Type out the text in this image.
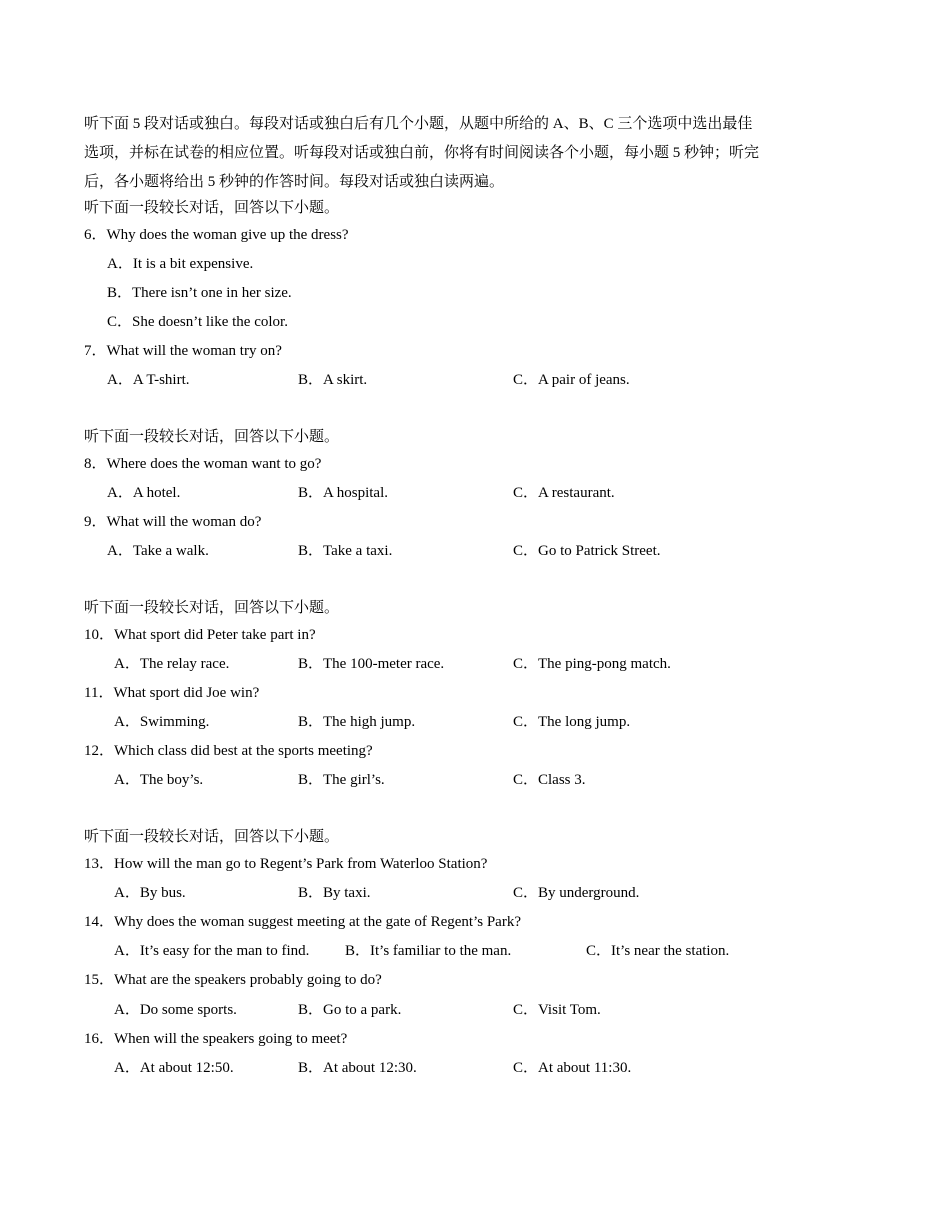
听下面 5 段对话或独白。每段对话或独白后有几个小题，从题中所给的 A、B、C 三个选项中选出最佳
选项，并标在试卷的相应位置。听每段对话或独白前，你将有时间阅读各个小题，每小题 5 秒钟；听完
后，各小题将给出 5 秒钟的作答时间。每段对话或独白读两遍。
听下面一段较长对话，回答以下小题。
6．Why does the woman give up the dress?
A．It is a bit expensive.
B．There isn’t one in her size.
C．She doesn’t like the color.
7．What will the woman try on?
A．A T-shirt.	B．A skirt.	C．A pair of jeans.
听下面一段较长对话，回答以下小题。
8．Where does the woman want to go?
A．A hotel.	B．A hospital.	C．A restaurant.
9．What will the woman do?
A．Take a walk.	B．Take a taxi.	C．Go to Patrick Street.
听下面一段较长对话，回答以下小题。
10．What sport did Peter take part in?
A．The relay race.	B．The 100-meter race.	C．The ping-pong match.
11．What sport did Joe win?
A．Swimming.	B．The high jump.	C．The long jump.
12．Which class did best at the sports meeting?
A．The boy’s.	B．The girl’s.	C．Class 3.
听下面一段较长对话，回答以下小题。
13．How will the man go to Regent’s Park from Waterloo Station?
A．By bus.	B．By taxi.	C．By underground.
14．Why does the woman suggest meeting at the gate of Regent’s Park?
A．It’s easy for the man to find. B．It’s familiar to the man.	C．It’s near the station.
15．What are the speakers probably going to do?
A．Do some sports.	B．Go to a park.	C．Visit Tom.
16．When will the speakers going to meet?
A．At about 12:50.	B．At about 12:30.	C．At about 11:30.
